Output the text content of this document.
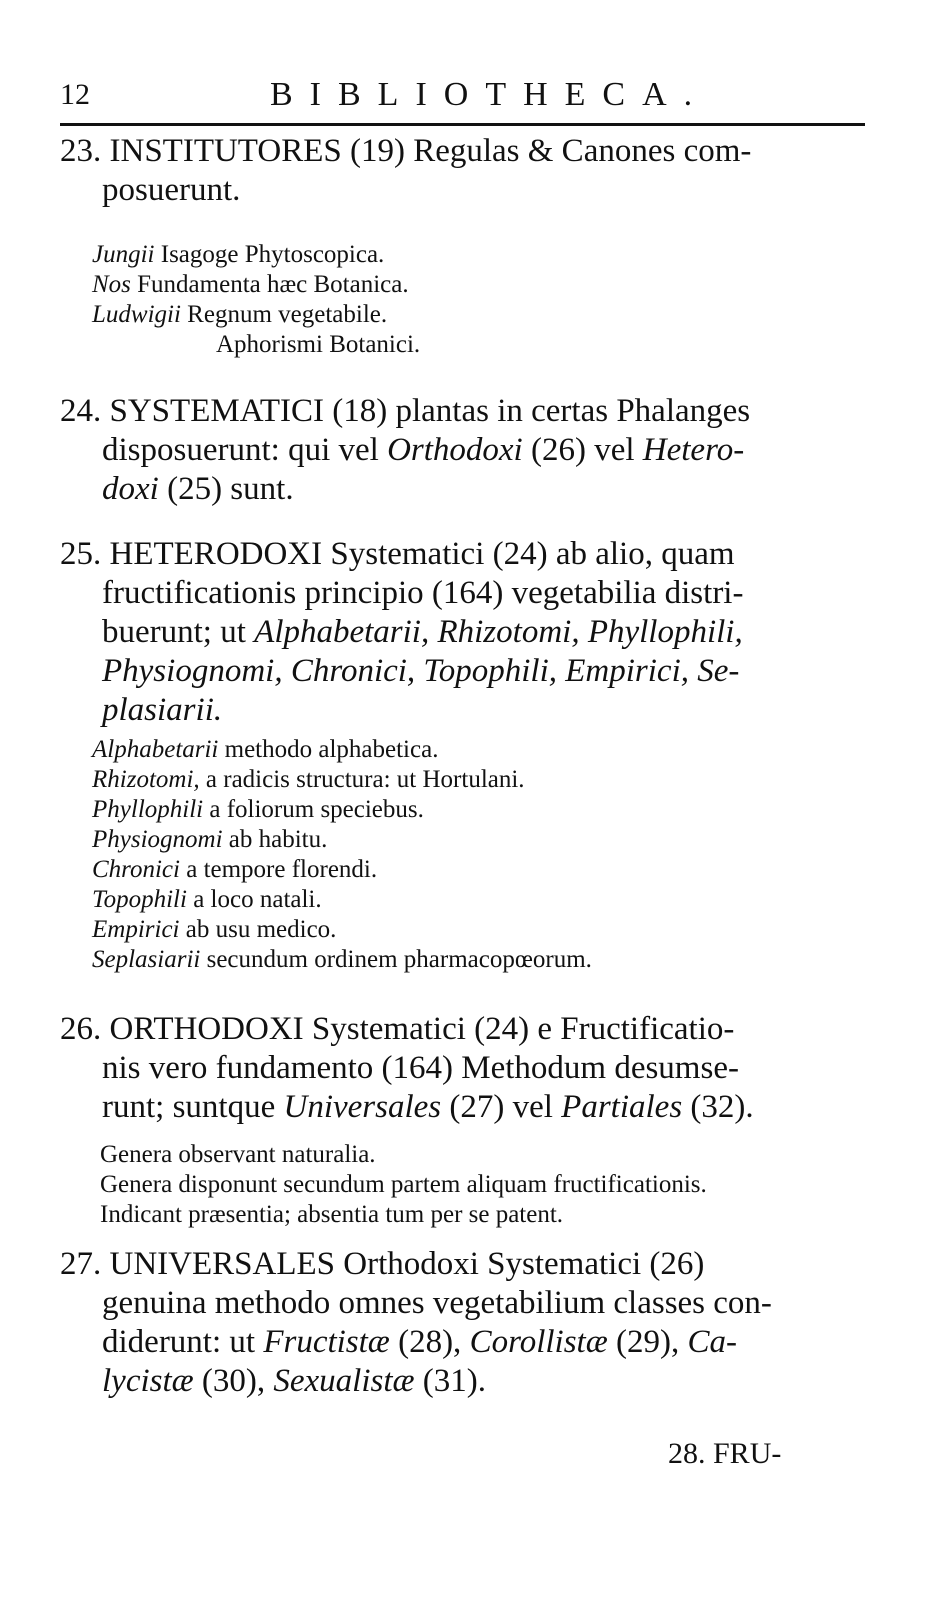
12	BIBLIOTHECA.
23. INSTITUTORES (19) Regulas & Canones com-
posuerunt.
Jungii Isagoge Phytoscopica.
Nos Fundamenta hæc Botanica.
Ludwigii Regnum vegetabile.
Aphorismi Botanici.
24. SYSTEMATICI (18) plantas in certas Phalanges
disposuerunt: qui vel Orthodoxi (26) vel Hetero-
doxi (25) sunt.
25. HETERODOXI Systematici (24) ab alio, quam
fructificationis principio (164) vegetabilia distri-
buerunt; ut Alphabetarii, Rhizotomi, Phyllophili,
Physiognomi, Chronici, Topophili, Empirici, Se-
plasiarii.
Alphabetarii methodo alphabetica.
Rhizotomi, a radicis structura: ut Hortulani.
Phyllophili a foliorum speciebus.
Physiognomi ab habitu.
Chronici a tempore florendi.
Topophili a loco natali.
Empirici ab usu medico.
Seplasiarii secundum ordinem pharmacopœorum.
26. ORTHODOXI Systematici (24) e Fructificatio-
nis vero fundamento (164) Methodum desumse-
runt; suntque Universales (27) vel Partiales (32).
Genera observant naturalia.
Genera disponunt secundum partem aliquam fructificationis.
Indicant præsentia; absentia tum per se patent.
27. UNIVERSALES Orthodoxi Systematici (26)
genuina methodo omnes vegetabilium classes con-
diderunt: ut Fructistæ (28), Corollistæ (29), Ca-
lycistæ (30), Sexualistæ (31).
28. FRU-
